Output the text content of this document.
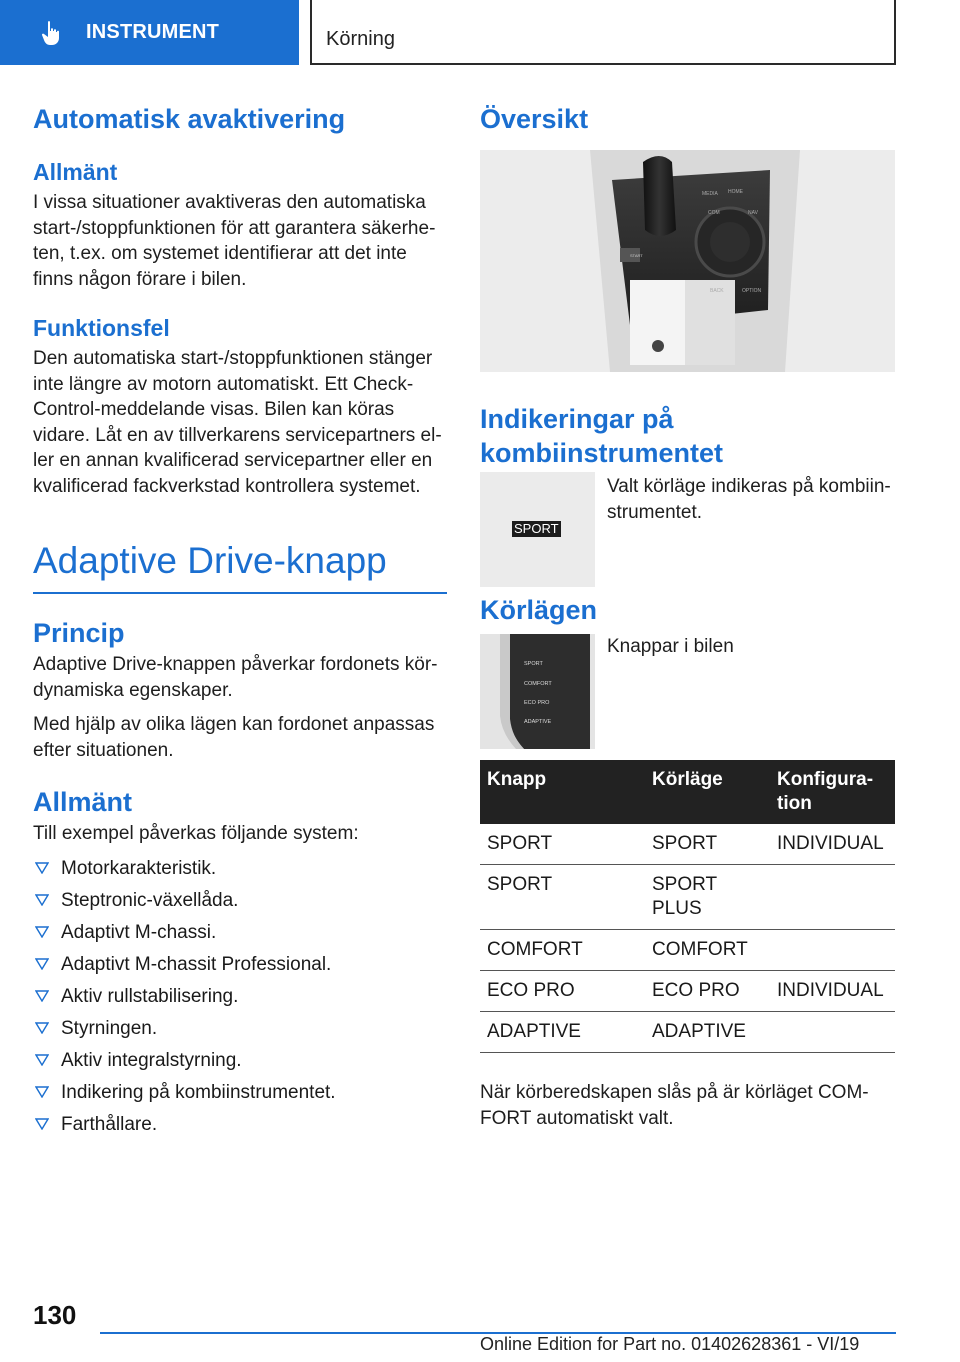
INSTRUMENT	Körning
Automatisk avaktivering
Allmänt
I vissa situationer avaktiveras den automatiska start-/stoppfunktionen för att garantera säkerheten, t.ex. om systemet identifierar att det inte finns någon förare i bilen.
Funktionsfel
Den automatiska start-/stoppfunktionen stänger inte längre av motorn automatiskt. Ett Check-Control-meddelande visas. Bilen kan köras vidare. Låt en av tillverkarens servicepartners eller en annan kvalificerad servicepartner eller en kvalificerad fackverkstad kontrollera systemet.
Adaptive Drive-knapp
Princip
Adaptive Drive-knappen påverkar fordonets kördynamiska egenskaper.
Med hjälp av olika lägen kan fordonet anpassas efter situationen.
Allmänt
Till exempel påverkas följande system:
Motorkarakteristik.
Steptronic-växellåda.
Adaptivt M-chassi.
Adaptivt M-chassit Professional.
Aktiv rullstabilisering.
Styrningen.
Aktiv integralstyrning.
Indikering på kombiinstrumentet.
Farthållare.
Översikt
START
MEDIA HOME
COM	NAV
BACK	OPTION
Indikeringar på kombiinstrumentet
SPORT
Valt körläge indikeras på kombiinstrumentet.
Körlägen
SPORT
COMFORT
ECO PRO
ADAPTIVE
Knappar i bilen
Knapp	Körläge	Konfiguration
SPORT	SPORT	INDIVIDUAL
SPORT	SPORT PLUS	
COMFORT	COMFORT	
ECO PRO	ECO PRO	INDIVIDUAL
ADAPTIVE	ADAPTIVE	
När körberedskapen slås på är körläget COMFORT automatiskt valt.
130
Online Edition for Part no. 01402628361 - VI/19
